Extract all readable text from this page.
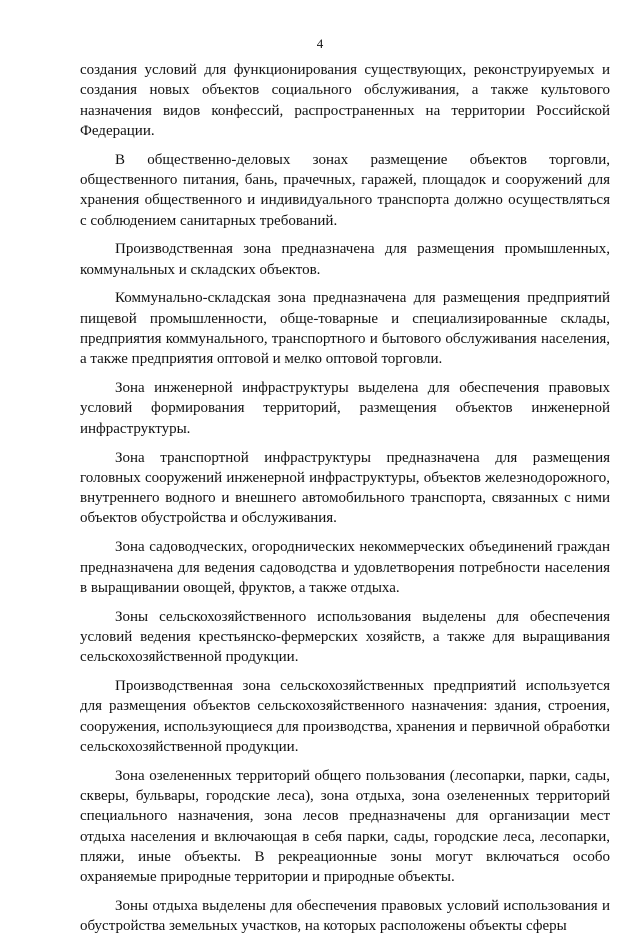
4

создания условий для функционирования существующих, реконструируемых и создания новых объектов социального обслуживания, а также культового назначения видов конфессий, распространенных на территории Российской Федерации.

В общественно-деловых зонах размещение объектов торговли, общественного питания, бань, прачечных, гаражей, площадок и сооружений для хранения общественного и индивидуального транспорта должно осуществляться с соблюдением санитарных требований.

Производственная зона предназначена для размещения промышленных, коммунальных и складских объектов.

Коммунально-складская зона предназначена для размещения предприятий пищевой промышленности, обще-товарные и специализированные склады, предприятия коммунального, транспортного и бытового обслуживания населения, а также предприятия оптовой и мелко оптовой торговли.

Зона инженерной инфраструктуры выделена для обеспечения правовых условий формирования территорий, размещения объектов инженерной инфраструктуры.

Зона транспортной инфраструктуры предназначена для размещения головных сооружений инженерной инфраструктуры, объектов железнодорожного, внутреннего водного и внешнего автомобильного транспорта, связанных с ними объектов обустройства и обслуживания.

Зона садоводческих, огороднических некоммерческих объединений граждан предназначена для ведения садоводства и удовлетворения потребности населения в выращивании овощей, фруктов, а также отдыха.

Зоны сельскохозяйственного использования выделены для обеспечения условий ведения крестьянско-фермерских хозяйств, а также для выращивания сельскохозяйственной продукции.

Производственная зона сельскохозяйственных предприятий используется для размещения объектов сельскохозяйственного назначения: здания, строения, сооружения, использующиеся для производства, хранения и первичной обработки сельскохозяйственной продукции.

Зона озелененных территорий общего пользования (лесопарки, парки, сады, скверы, бульвары, городские леса), зона отдыха, зона озелененных территорий специального назначения, зона лесов предназначены для организации мест отдыха населения и включающая в себя парки, сады, городские леса, лесопарки, пляжи, иные объекты. В рекреационные зоны могут включаться особо охраняемые природные территории и природные объекты.

Зоны отдыха выделены для обеспечения правовых условий использования и обустройства земельных участков, на которых расположены объекты сферы
